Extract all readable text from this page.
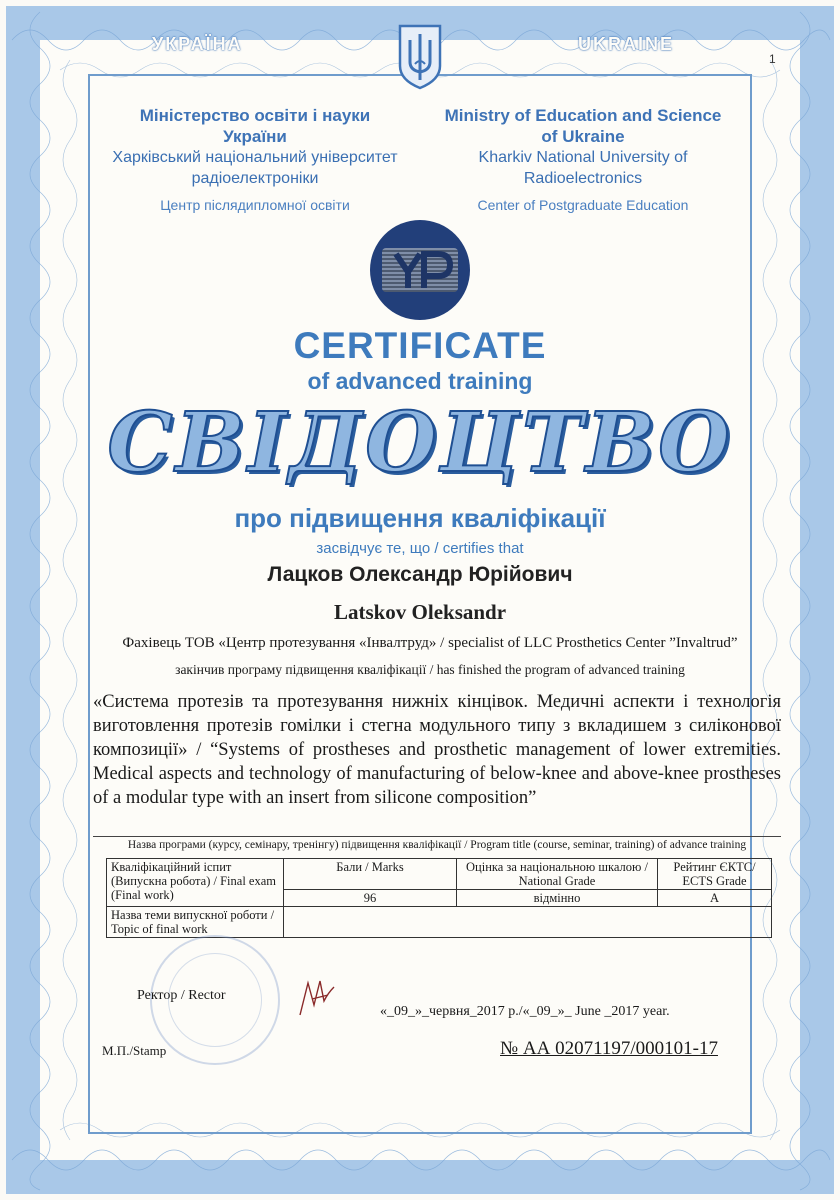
УКРАЇНА	UKRAINE
1
Міністерство освіти і науки України
Харківський національний університет радіоелектроніки
Центр післядипломної освіти
Ministry of Education and Science of Ukraine
Kharkiv National University of Radioelectronics
Center of Postgraduate Education
CERTIFICATE
of advanced training
СВІДОЦТВО
про підвищення кваліфікації
засвідчує те, що / certifies that
Лацков Олександр Юрійович
Latskov Oleksandr
Фахівець ТОВ «Центр протезування «Інвалтруд» / specialist of LLC Prosthetics Center ”Invaltrud”
закінчив програму підвищення кваліфікації / has finished the program of advanced training
«Система протезів та протезування нижніх кінцівок. Медичні аспекти і технологія виготовлення протезів гомілки і стегна модульного типу з вкладишем з силіконової композиції» / “Systems of prostheses and prosthetic management of lower extremities. Medical aspects and technology of manufacturing of below-knee and above-knee prostheses of a modular type with an insert from silicone composition”
Назва програми (курсу, семінару, тренінгу) підвищення кваліфікації / Program title (course, seminar, training) of advance training
Кваліфікаційний іспит (Випускна робота) / Final exam (Final work)	Бали / Marks	Оцінка за національною шкалою / National Grade	Рейтинг ЄКТС/ ECTS Grade
	96	відмінно	A
Назва теми випускної роботи / Topic of final work			
Ректор / Rector
«_09_»_червня_2017 р./«_09_»_ June _2017 year.
М.П./Stamp	№ АА 02071197/000101-17
